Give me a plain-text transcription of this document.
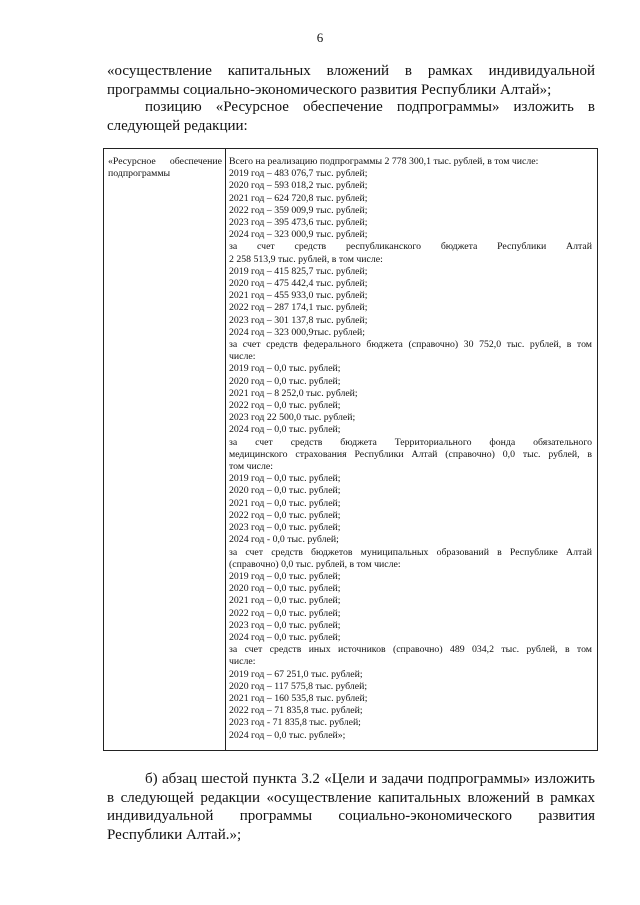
6
«осуществление капитальных вложений в рамках индивидуальной
программы социально-экономического развития Республики Алтай»;
позицию «Ресурсное обеспечение подпрограммы» изложить в
следующей редакции:
«Ресурсное обеспечение
подпрограммы
Всего на реализацию подпрограммы 2 778 300,1 тыс. рублей, в том числе:
2019 год – 483 076,7 тыс. рублей;
2020 год – 593 018,2 тыс. рублей;
2021 год – 624 720,8 тыс. рублей;
2022 год – 359 009,9 тыс. рублей;
2023 год – 395 473,6 тыс. рублей;
2024 год – 323 000,9 тыс. рублей;
за счет средств республиканского бюджета Республики Алтай
2 258 513,9 тыс. рублей, в том числе:
2019 год – 415 825,7 тыс. рублей;
2020 год – 475 442,4 тыс. рублей;
2021 год – 455 933,0 тыс. рублей;
2022 год – 287 174,1 тыс. рублей;
2023 год – 301 137,8 тыс. рублей;
2024 год – 323 000,9тыс. рублей;
за счет средств федерального бюджета (справочно) 30 752,0 тыс. рублей, в том
числе:
2019 год – 0,0 тыс. рублей;
2020 год – 0,0 тыс. рублей;
2021 год – 8 252,0 тыс. рублей;
2022 год – 0,0 тыс. рублей;
2023 год 22 500,0 тыс. рублей;
2024 год – 0,0 тыс. рублей;
за счет средств бюджета Территориального фонда обязательного
медицинского страхования Республики Алтай (справочно) 0,0 тыс. рублей, в
том числе:
2019 год – 0,0 тыс. рублей;
2020 год – 0,0 тыс. рублей;
2021 год – 0,0 тыс. рублей;
2022 год – 0,0 тыс. рублей;
2023 год – 0,0 тыс. рублей;
2024 год - 0,0 тыс. рублей;
за счет средств бюджетов муниципальных образований в Республике Алтай
(справочно) 0,0 тыс. рублей, в том числе:
2019 год – 0,0 тыс. рублей;
2020 год – 0,0 тыс. рублей;
2021 год – 0,0 тыс. рублей;
2022 год – 0,0 тыс. рублей;
2023 год – 0,0 тыс. рублей;
2024 год – 0,0 тыс. рублей;
за счет средств иных источников (справочно) 489 034,2 тыс. рублей, в том
числе:
2019 год – 67 251,0 тыс. рублей;
2020 год – 117 575,8 тыс. рублей;
2021 год – 160 535,8 тыс. рублей;
2022 год – 71 835,8 тыс. рублей;
2023 год - 71 835,8 тыс. рублей;
2024 год – 0,0 тыс. рублей»;
б) абзац шестой пункта 3.2 «Цели и задачи подпрограммы» изложить
в следующей редакции «осуществление капитальных вложений в рамках
индивидуальной программы социально-экономического развития
Республики Алтай.»;
